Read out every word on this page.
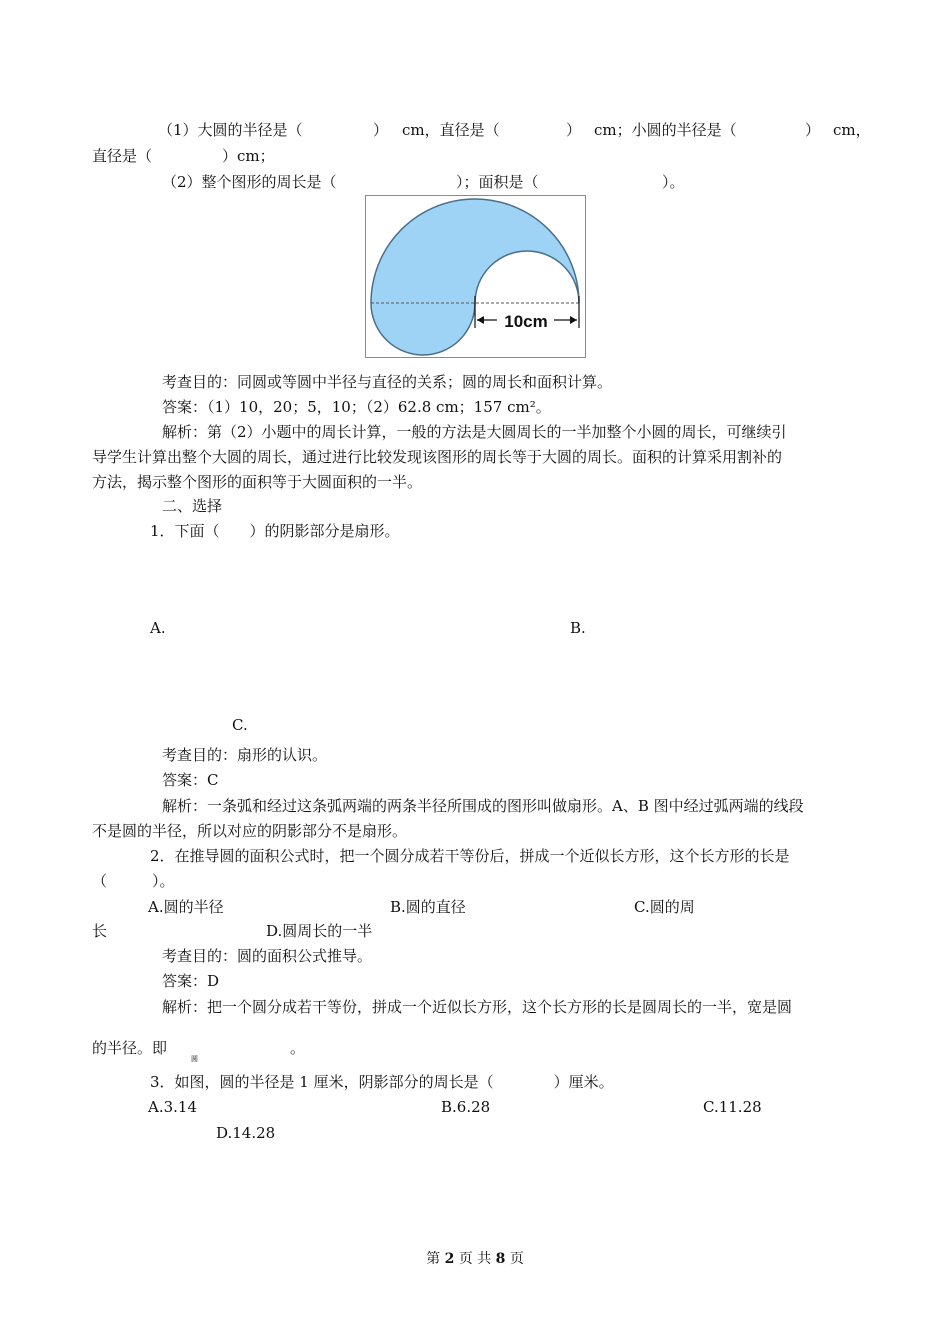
（1）大圆的半径是（	） cm，直径是（	） cm；小圆的半径是（	） cm，
直径是（	）cm；
（2）整个图形的周长是（	）；面积是（	）。
10cm
考查目的：同圆或等圆中半径与直径的关系；圆的周长和面积计算。
答案：（1）10，20；5，10；（2）62.8 cm；157 cm²。
解析：第（2）小题中的周长计算，一般的方法是大圆周长的一半加整个小圆的周长，可继续引
导学生计算出整个大圆的周长，通过进行比较发现该图形的周长等于大圆的周长。面积的计算采用割补的
方法，揭示整个图形的面积等于大圆面积的一半。
二、选择
1．下面（　　）的阴影部分是扇形。
A.	B.
C.
考查目的：扇形的认识。
答案：C
解析：一条弧和经过这条弧两端的两条半径所围成的图形叫做扇形。A、B 图中经过弧两端的线段
不是圆的半径，所以对应的阴影部分不是扇形。
2．在推导圆的面积公式时，把一个圆分成若干等份后，拼成一个近似长方形，这个长方形的长是
（　　　）。
A.圆的半径	B.圆的直径	C.圆的周
长	D.圆周长的一半
考查目的：圆的面积公式推导。
答案：D
解析：把一个圆分成若干等份，拼成一个近似长方形，这个长方形的长是圆周长的一半，宽是圆
的半径。即
圆
。
3．如图，圆的半径是 1 厘米，阴影部分的周长是（　　　　）厘米。
A.3.14	B.6.28	C.11.28
D.14.28
第 2 页 共 8 页
